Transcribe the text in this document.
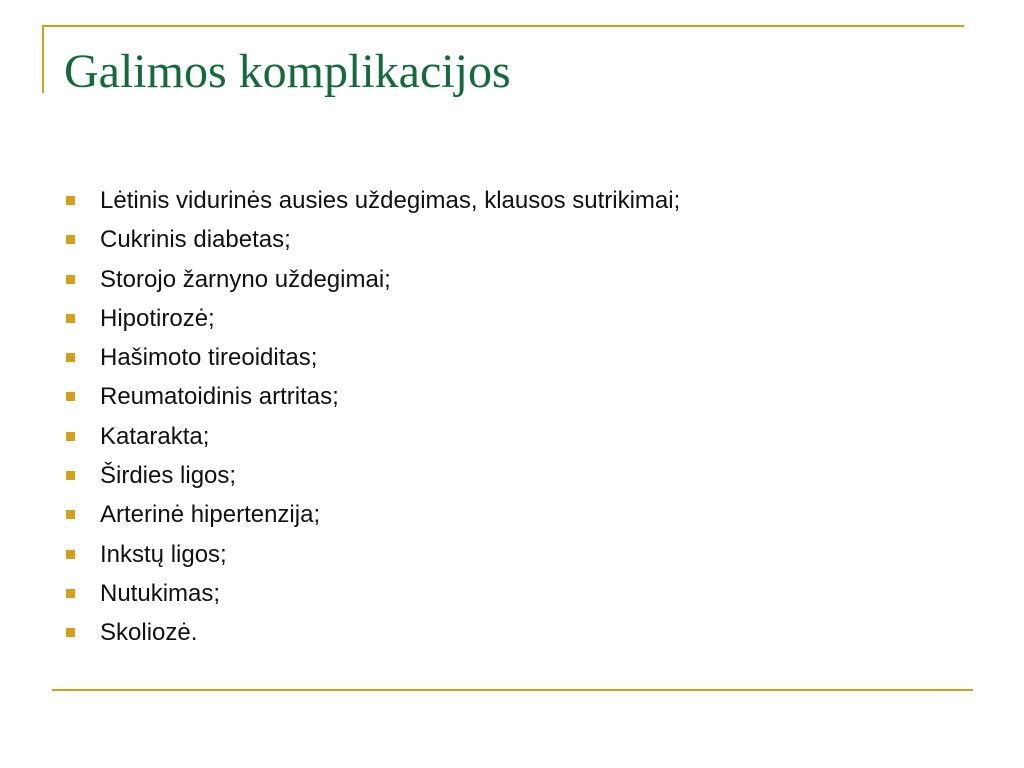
Galimos komplikacijos
Lėtinis vidurinės ausies uždegimas, klausos sutrikimai;
Cukrinis diabetas;
Storojo žarnyno uždegimai;
Hipotirozė;
Hašimoto tireoiditas;
Reumatoidinis artritas;
Katarakta;
Širdies ligos;
Arterinė hipertenzija;
Inkstų ligos;
Nutukimas;
Skoliozė.
